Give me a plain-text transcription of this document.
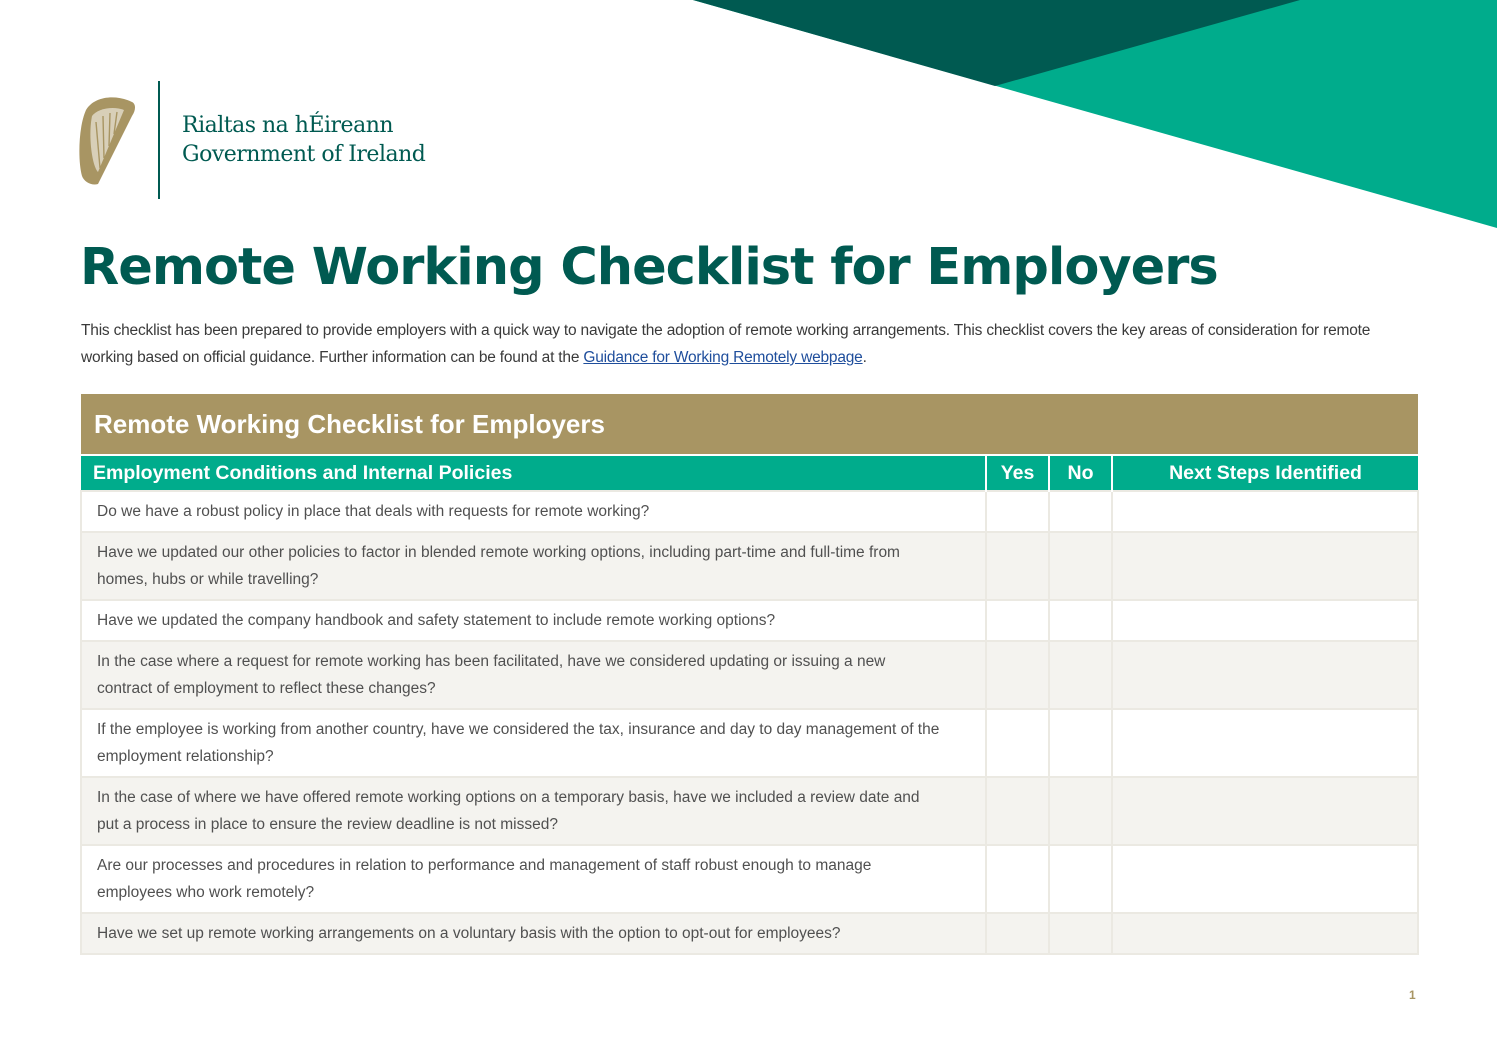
Rialtas na hÉireann
Government of Ireland
Remote Working Checklist for Employers

This checklist has been prepared to provide employers with a quick way to navigate the adoption of remote working arrangements. This checklist covers the key areas of consideration for remote working based on official guidance. Further information can be found at the Guidance for Working Remotely webpage.

Remote Working Checklist for Employers			
Employment Conditions and Internal Policies	Yes	No	Next Steps Identified
Do we have a robust policy in place that deals with requests for remote working?			
Have we updated our other policies to factor in blended remote working options, including part-time and full-time from homes, hubs or while travelling?			
Have we updated the company handbook and safety statement to include remote working options?			
In the case where a request for remote working has been facilitated, have we considered updating or issuing a new contract of employment to reflect these changes?			
If the employee is working from another country, have we considered the tax, insurance and day to day management of the employment relationship?			
In the case of where we have offered remote working options on a temporary basis, have we included a review date and put a process in place to ensure the review deadline is not missed?			
Are our processes and procedures in relation to performance and management of staff robust enough to manage employees who work remotely?			
Have we set up remote working arrangements on a voluntary basis with the option to opt-out for employees?			
1
